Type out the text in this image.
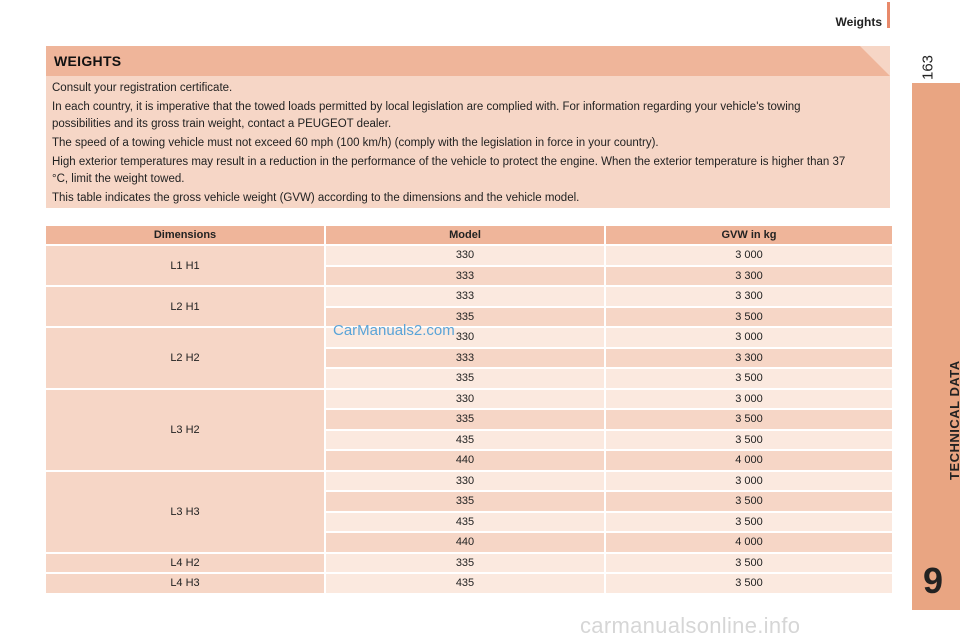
Weights
163
TECHNICAL DATA
9
WEIGHTS

Consult your registration certificate.

In each country, it is imperative that the towed loads permitted by local legislation are complied with. For information regarding your vehicle's towing possibilities and its gross train weight, contact a PEUGEOT dealer.

The speed of a towing vehicle must not exceed 60 mph (100 km/h) (comply with the legislation in force in your country).

High exterior temperatures may result in a reduction in the performance of the vehicle to protect the engine. When the exterior temperature is higher than 37 °C, limit the weight towed.

This table indicates the gross vehicle weight (GVW) according to the dimensions and the vehicle model.

Dimensions	Model	GVW in kg
L1 H1	330	3 000
	333	3 300
L2 H1	333	3 300
	335	3 500
L2 H2	330	3 000
	333	3 300
	335	3 500
L3 H2	330	3 000
	335	3 500
	435	3 500
	440	4 000
L3 H3	330	3 000
	335	3 500
	435	3 500
	440	4 000
L4 H2	335	3 500
L4 H3	435	3 500
CarManuals2.com
carmanualsonline.info
